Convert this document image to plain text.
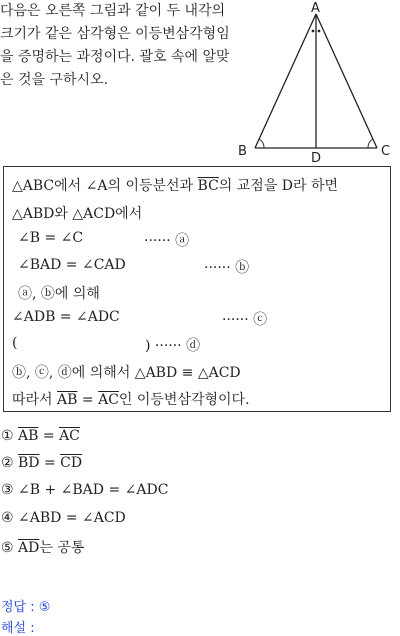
다음은 오른쪽 그림과 같이 두 내각의
크기가 같은 삼각형은 이등변삼각형임
을 증명하는 과정이다. 괄호 속에 알맞
은 것을 구하시오.
A
B	C
D
△ABC에서 ∠A의 이등분선과 $\overline{BC}$의 교점을 D라 하면
△ABD와 △ACD에서
∠B = ∠C	······ ⓐ
∠BAD = ∠CAD	······ ⓑ
ⓐ, ⓑ에 의해
∠ADB = ∠ADC	······ ⓒ
(	) ······ ⓓ
ⓑ, ⓒ, ⓓ에 의해서 △ABD ≡ △ACD
따라서 $\overline{AB} = \overline{AC}$인 이등변삼각형이다.
① $\overline{AB} = \overline{AC}$
② $\overline{BD} = \overline{CD}$
③ ∠B + ∠BAD = ∠ADC
④ ∠ABD = ∠ACD
⑤ $\overline{AD}$는 공통
정답 : ⑤
해설 :
